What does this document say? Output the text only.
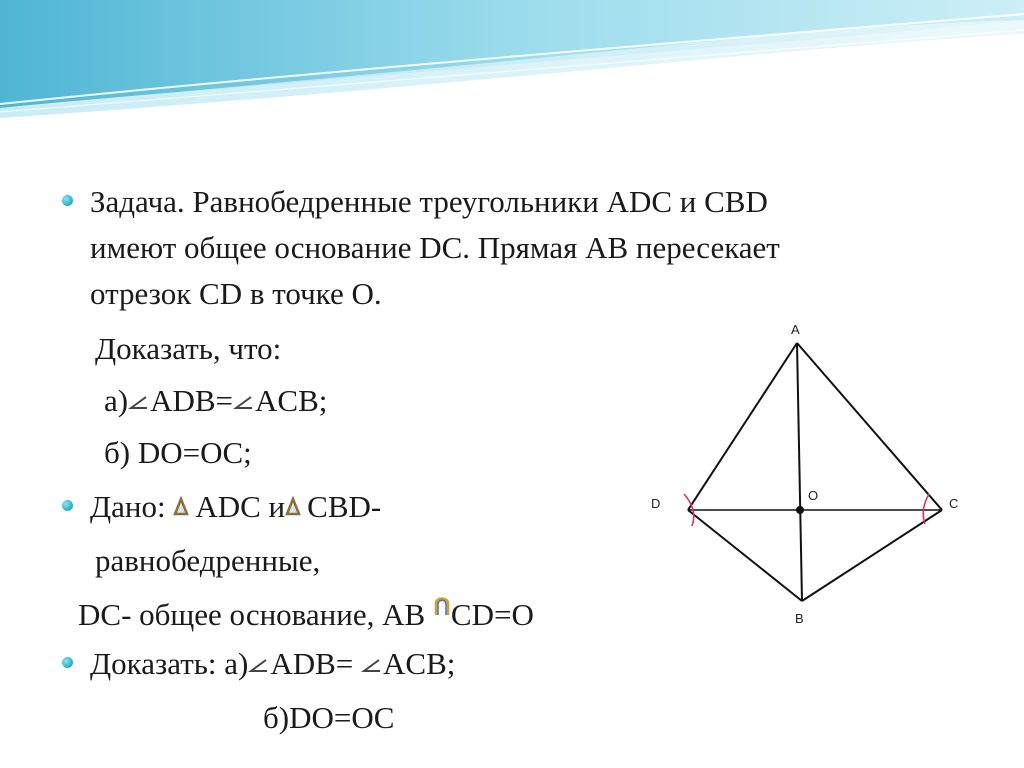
Задача. Равнобедренные треугольники ADC и CBD
имеют общее основание DC. Прямая AB пересекает
отрезок CD в точке O.
Доказать, что:
а) ADB= ACB;
б) DO=OC;
Дано:
ADC и CBD-
равнобедренные,
DC- общее основание, AB
CD=O
A
B
C
D
O
Доказать: а) ADB=
ACB;
б)DO=OC
